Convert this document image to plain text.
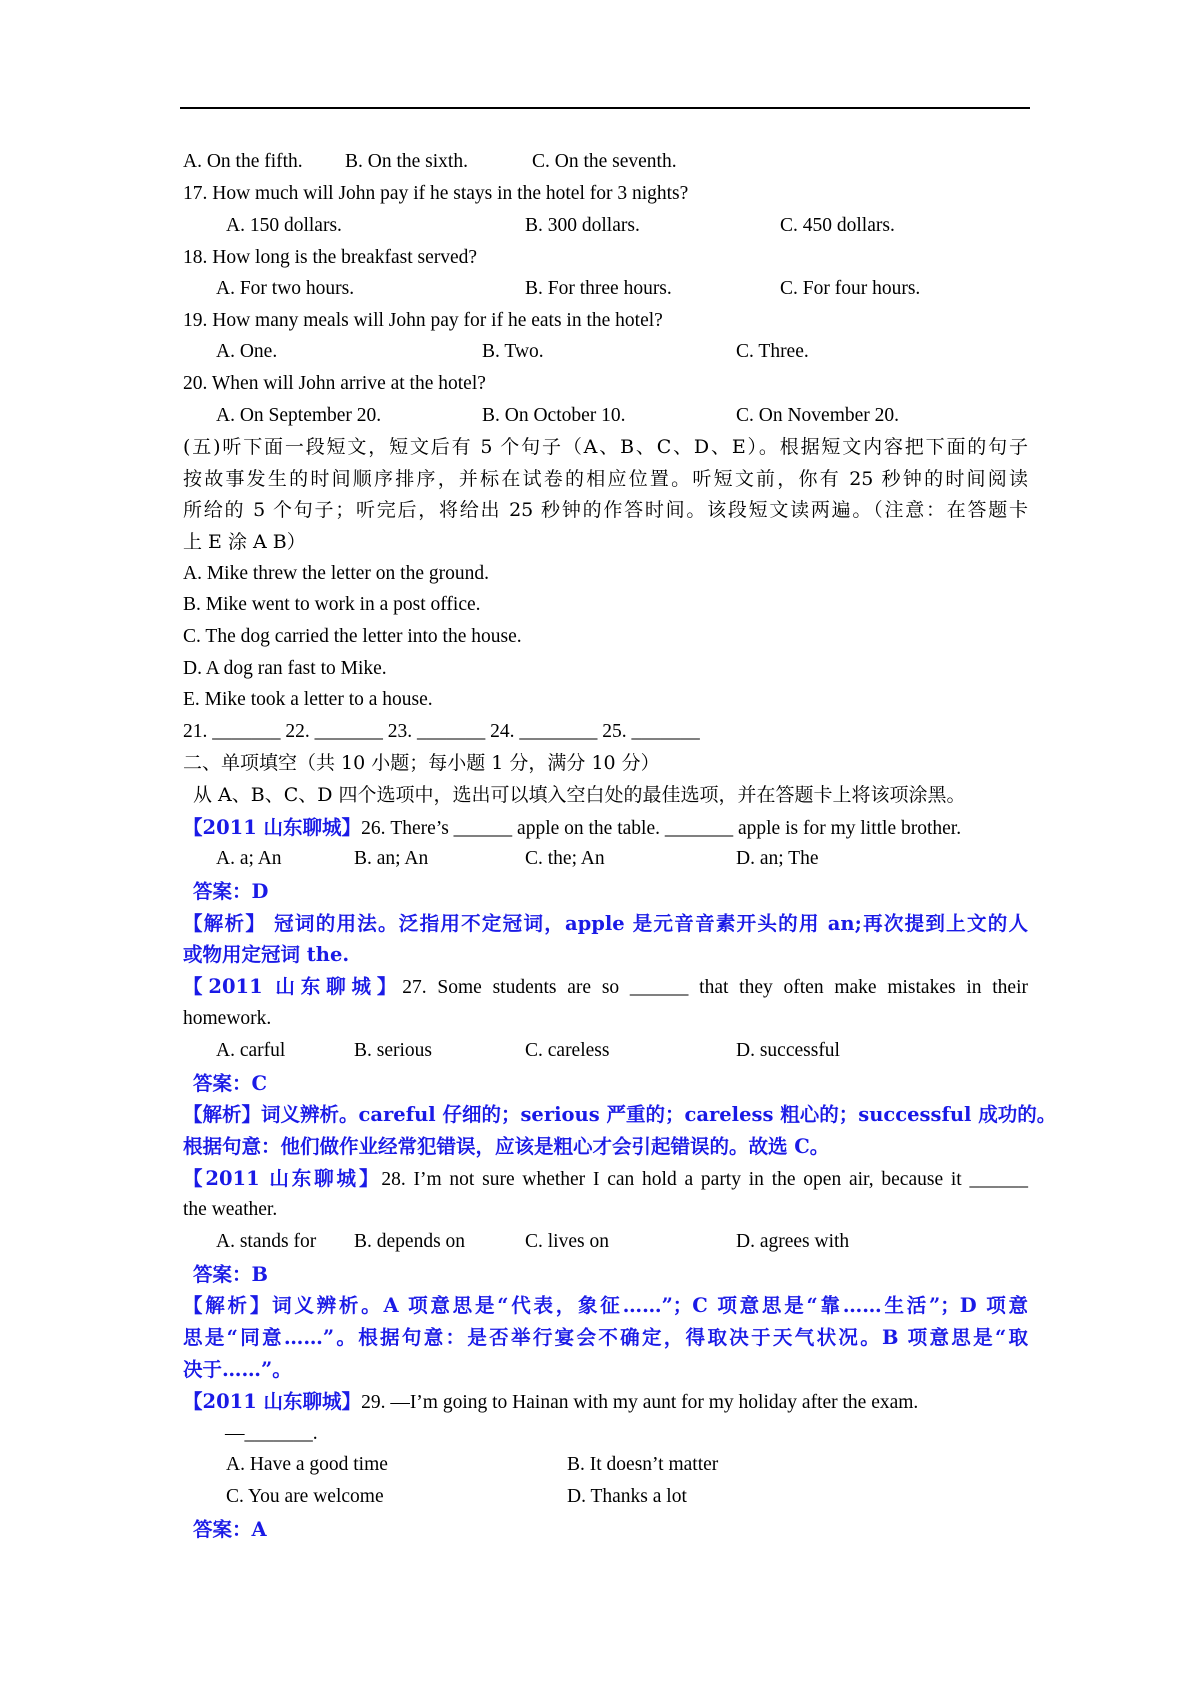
A. On the fifth. B. On the sixth.	C. On the seventh.
17. How much will John pay if he stays in the hotel for 3 nights?
A. 150 dollars.	B. 300 dollars.	C. 450 dollars.
18. How long is the breakfast served?
A. For two hours.	B. For three hours.	C. For four hours.
19. How many meals will John pay for if he eats in the hotel?
A. One.	B. Two.	C. Three.
20. When will John arrive at the hotel?
A. On September 20.	B. On October 10.	C. On November 20.
(五)听下面一段短文，短文后有 5 个句子（A、B、C、D、E）。根据短文内容把下面的句子
按故事发生的时间顺序排序，并标在试卷的相应位置。听短文前，你有 25 秒钟的时间阅读
所给的 5 个句子；听完后，将给出 25 秒钟的作答时间。该段短文读两遍。（注意：在答题卡
上 E 涂 A B）
A. Mike threw the letter on the ground.
B. Mike went to work in a post office.
C. The dog carried the letter into the house.
D. A dog ran fast to Mike.
E. Mike took a letter to a house.
21. _______ 22. _______ 23. _______ 24. ________ 25. _______
二、单项填空（共 10 小题；每小题 1 分，满分 10 分）
从 A、B、C、D 四个选项中，选出可以填入空白处的最佳选项，并在答题卡上将该项涂黑。
【2011 山东聊城】26. There’s ______ apple on the table. _______ apple is for my little brother.
A. a; An	B. an; An	C. the; An	D. an; The
答案：D
【解析】 冠词的用法。泛指用不定冠词，apple 是元音音素开头的用 an;再次提到上文的人
或物用定冠词 the.
【2011 山东聊城】27. Some students are so ______ that they often make mistakes in their
homework.
A. carful	B. serious	C. careless	D. successful
答案：C
【解析】词义辨析。careful 仔细的；serious 严重的；careless 粗心的；successful 成功的。
根据句意：他们做作业经常犯错误，应该是粗心才会引起错误的。故选 C。
【2011 山东聊城】28. I’m not sure whether I can hold a party in the open air, because it ______
the weather.
A. stands for B. depends on	C. lives on	D. agrees with
答案：B
【解析】词义辨析。A 项意思是“代表，象征……”；C 项意思是“靠……生活”；D 项意
思是“同意……”。根据句意：是否举行宴会不确定，得取决于天气状况。B 项意思是“取
决于……”。
【2011 山东聊城】29. —I’m going to Hainan with my aunt for my holiday after the exam.
—_______.
A. Have a good time	B. It doesn’t matter
C. You are welcome	D. Thanks a lot
答案：A
